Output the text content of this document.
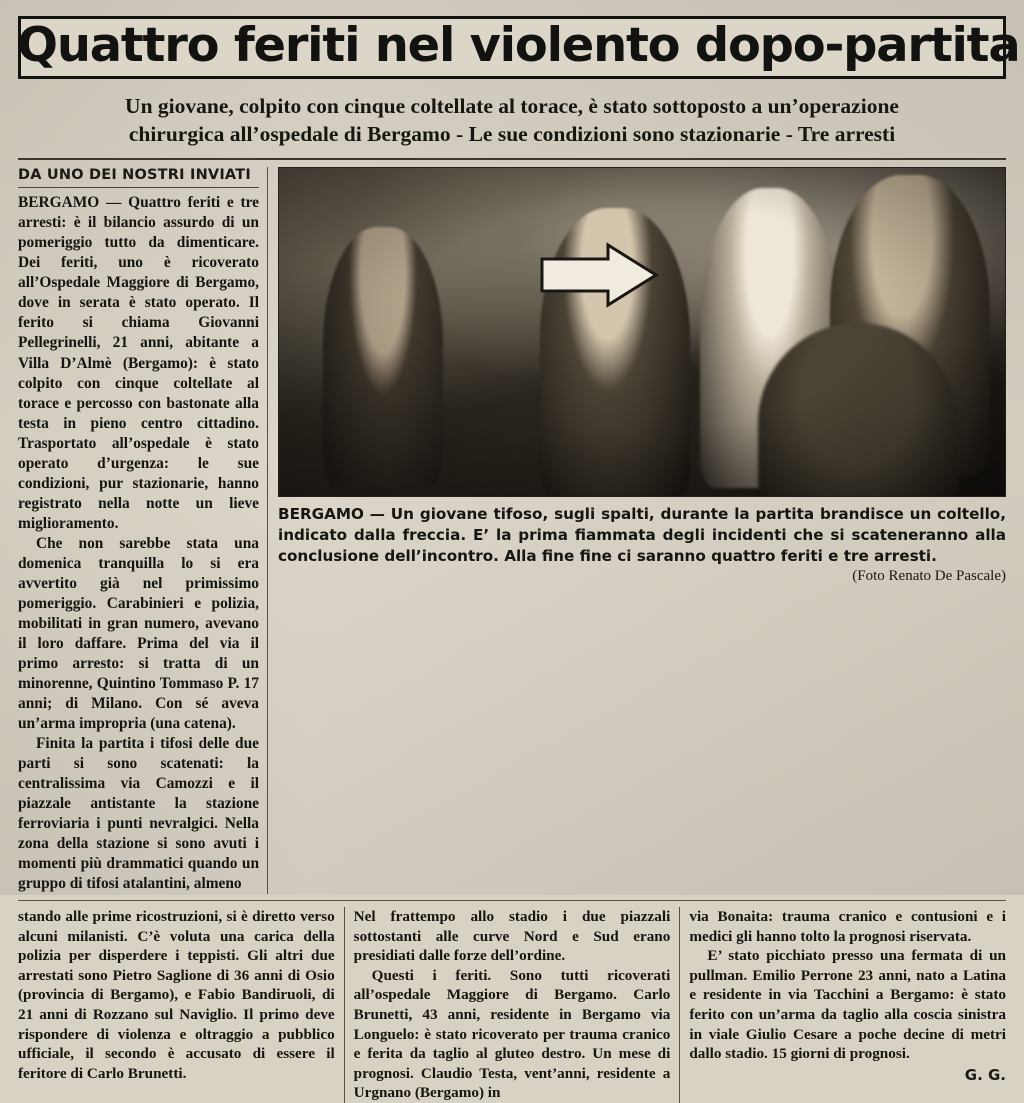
Quattro feriti nel violento dopo-partita
Un giovane, colpito con cinque coltellate al torace, è stato sottoposto a un’operazione
chirurgica all’ospedale di Bergamo - Le sue condizioni sono stazionarie - Tre arresti
DA UNO DEI NOSTRI INVIATI

BERGAMO — Quattro feriti e tre arresti: è il bilancio assurdo di un pomeriggio tutto da dimenticare. Dei feriti, uno è ricoverato all’Ospedale Maggiore di Bergamo, dove in serata è stato operato. Il ferito si chiama Giovanni Pellegrinelli, 21 anni, abitante a Villa D’Almè (Bergamo): è stato colpito con cinque coltellate al torace e percosso con bastonate alla testa in pieno centro cittadino. Trasportato all’ospedale è stato operato d’urgenza: le sue condizioni, pur stazionarie, hanno registrato nella notte un lieve miglioramento.

Che non sarebbe stata una domenica tranquilla lo si era avvertito già nel primissimo pomeriggio. Carabinieri e polizia, mobilitati in gran numero, avevano il loro daffare. Prima del via il primo arresto: si tratta di un minorenne, Quintino Tommaso P. 17 anni; di Milano. Con sé aveva un’arma impropria (una catena).

Finita la partita i tifosi delle due parti si sono scatenati: la centralissima via Camozzi e il piazzale antistante la stazione ferroviaria i punti nevralgici. Nella zona della stazione si sono avuti i momenti più drammatici quando un gruppo di tifosi atalantini, almeno

BERGAMO — Un giovane tifoso, sugli spalti, durante la partita brandisce un coltello, indicato dalla freccia. E’ la prima fiammata degli incidenti che si scateneranno alla conclusione dell’incontro. Alla fine fine ci saranno quattro feriti e tre arresti.
(Foto Renato De Pascale)

stando alle prime ricostruzioni, si è diretto verso alcuni milanisti. C’è voluta una carica della polizia per disperdere i teppisti. Gli altri due arrestati sono Pietro Saglione di 36 anni di Osio (provincia di Bergamo), e Fabio Bandiruoli, di 21 anni di Rozzano sul Naviglio. Il primo deve rispondere di violenza e oltraggio a pubblico ufficiale, il secondo è accusato di essere il feritore di Carlo Brunetti.

Nel frattempo allo stadio i due piazzali sottostanti alle curve Nord e Sud erano presidiati dalle forze dell’ordine.

Questi i feriti. Sono tutti ricoverati all’ospedale Maggiore di Bergamo. Carlo Brunetti, 43 anni, residente in Bergamo via Longuelo: è stato ricoverato per trauma cranico e ferita da taglio al gluteo destro. Un mese di prognosi. Claudio Testa, vent’anni, residente a Urgnano (Bergamo) in

via Bonaita: trauma cranico e contusioni e i medici gli hanno tolto la prognosi riservata.

E’ stato picchiato presso una fermata di un pullman. Emilio Perrone 23 anni, nato a Latina e residente in via Tacchini a Bergamo: è stato ferito con un’arma da taglio alla coscia sinistra in viale Giulio Cesare a poche decine di metri dallo stadio. 15 giorni di prognosi.

G. G.
